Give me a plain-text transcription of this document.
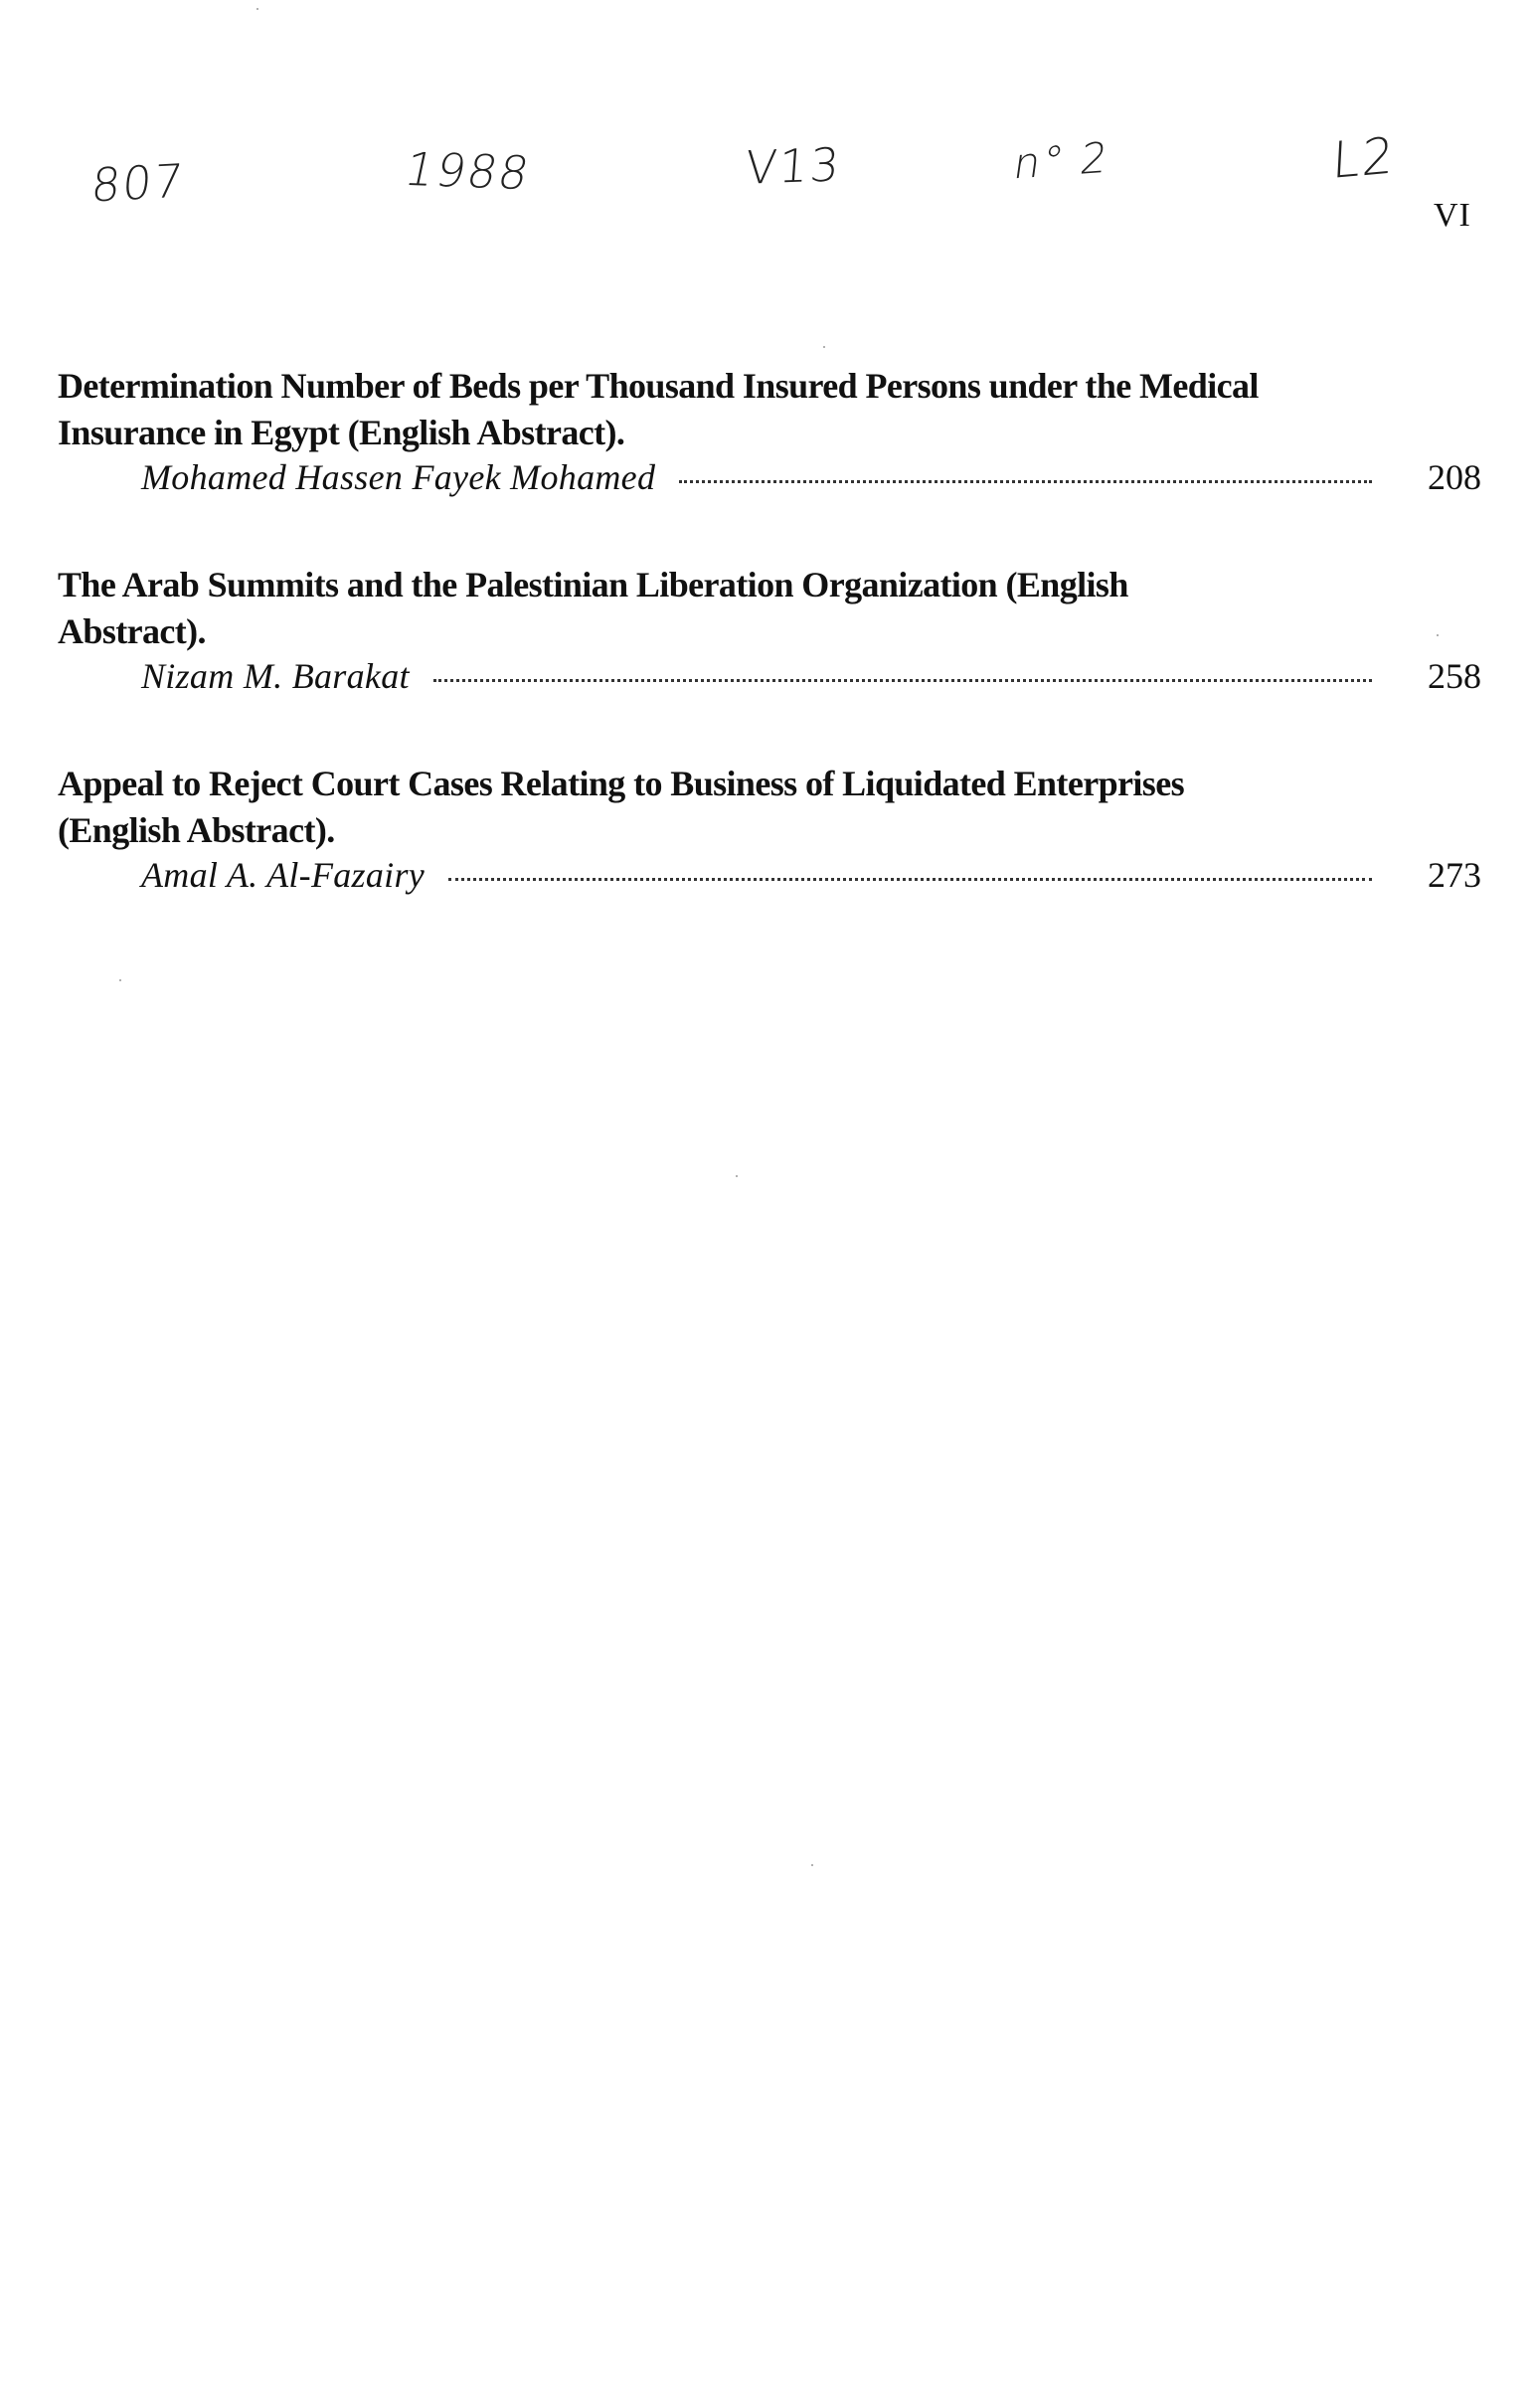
807	1988	V13	n° 2	L2
VI
Determination Number of Beds per Thousand Insured Persons under the Medical Insurance in Egypt (English Abstract).
Mohamed Hassen Fayek Mohamed	208
The Arab Summits and the Palestinian Liberation Organization (English Abstract).
Nizam M. Barakat	258
Appeal to Reject Court Cases Relating to Business of Liquidated Enterprises (English Abstract).
Amal A. Al-Fazairy	273
